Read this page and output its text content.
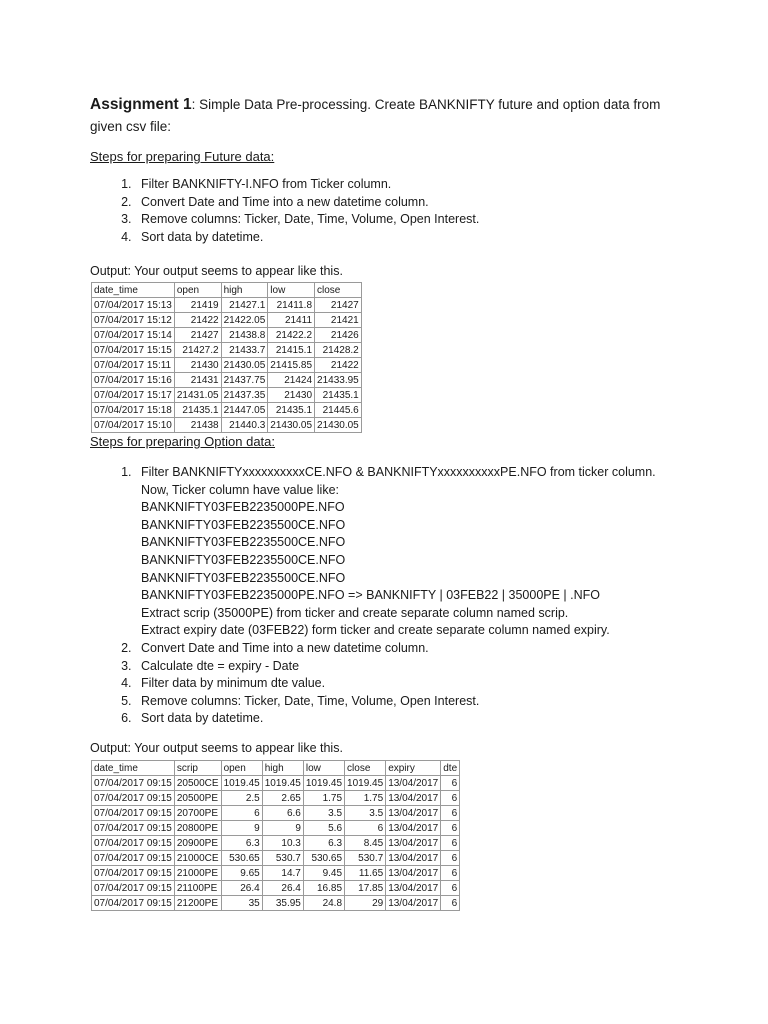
Assignment 1: Simple Data Pre-processing. Create BANKNIFTY future and option data from given csv file:
Steps for preparing Future data:
1. Filter BANKNIFTY-I.NFO from Ticker column.
2. Convert Date and Time into a new datetime column.
3. Remove columns: Ticker, Date, Time, Volume, Open Interest.
4. Sort data by datetime.
Output: Your output seems to appear like this.
date_time	open	high	low	close
07/04/2017 15:13	21419	21427.1	21411.8	21427
07/04/2017 15:12	21422	21422.05	21411	21421
07/04/2017 15:14	21427	21438.8	21422.2	21426
07/04/2017 15:15	21427.2	21433.7	21415.1	21428.2
07/04/2017 15:11	21430	21430.05	21415.85	21422
07/04/2017 15:16	21431	21437.75	21424	21433.95
07/04/2017 15:17	21431.05	21437.35	21430	21435.1
07/04/2017 15:18	21435.1	21447.05	21435.1	21445.6
07/04/2017 15:10	21438	21440.3	21430.05	21430.05
Steps for preparing Option data:
1. Filter BANKNIFTYxxxxxxxxxxCE.NFO & BANKNIFTYxxxxxxxxxxPE.NFO from ticker column.
Now, Ticker column have value like:
BANKNIFTY03FEB2235000PE.NFO
BANKNIFTY03FEB2235500CE.NFO
BANKNIFTY03FEB2235500CE.NFO
BANKNIFTY03FEB2235500CE.NFO
BANKNIFTY03FEB2235500CE.NFO
BANKNIFTY03FEB2235000PE.NFO => BANKNIFTY | 03FEB22 | 35000PE | .NFO
Extract scrip (35000PE) from ticker and create separate column named scrip.
Extract expiry date (03FEB22) form ticker and create separate column named expiry.
2. Convert Date and Time into a new datetime column.
3. Calculate dte = expiry - Date
4. Filter data by minimum dte value.
5. Remove columns: Ticker, Date, Time, Volume, Open Interest.
6. Sort data by datetime.
Output: Your output seems to appear like this.
date_time	scrip	open	high	low	close	expiry	dte
07/04/2017 09:15	20500CE	1019.45	1019.45	1019.45	1019.45	13/04/2017	6
07/04/2017 09:15	20500PE	2.5	2.65	1.75	1.75	13/04/2017	6
07/04/2017 09:15	20700PE	6	6.6	3.5	3.5	13/04/2017	6
07/04/2017 09:15	20800PE	9	9	5.6	6	13/04/2017	6
07/04/2017 09:15	20900PE	6.3	10.3	6.3	8.45	13/04/2017	6
07/04/2017 09:15	21000CE	530.65	530.7	530.65	530.7	13/04/2017	6
07/04/2017 09:15	21000PE	9.65	14.7	9.45	11.65	13/04/2017	6
07/04/2017 09:15	21100PE	26.4	26.4	16.85	17.85	13/04/2017	6
07/04/2017 09:15	21200PE	35	35.95	24.8	29	13/04/2017	6
